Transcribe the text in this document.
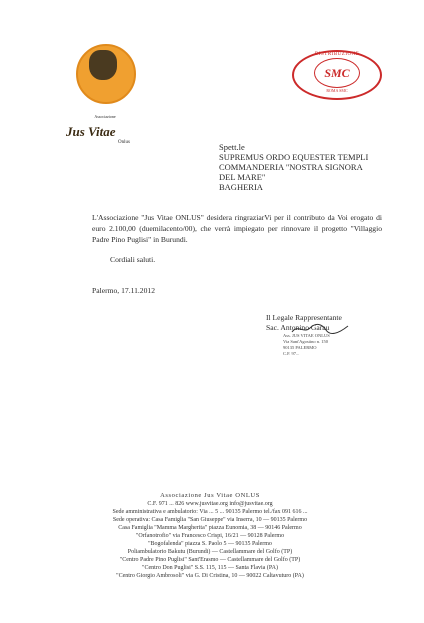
Associazione
Jus Vitae
Onlus
DISTRIBUZIONE
SMC
ROMA SMC
Spett.le
SUPREMUS ORDO EQUESTER TEMPLI
COMMANDERIA "NOSTRA SIGNORA
DEL MARE"
BAGHERIA

L'Associazione "Jus Vitae ONLUS" desidera ringraziarVi per il contributo da Voi erogato di euro 2.100,00 (duemilacento/00), che verrà impiegato per rinnovare il progetto "Villaggio Padre Pino Puglisi" in Burundi.

Cordiali saluti.
Palermo, 17.11.2012
Il Legale Rappresentante
Sac. Antonino Garau
Ass. JUS VITAE ONLUS
Via Sant'Agostino n. 150
90135 PALERMO
C.F. 97...
Associazione Jus Vitae ONLUS
C.F. 971 ... 826 www.jusvitae.org info@jusvitae.org
Sede amministrativa e ambulatorio: Via ... 5 ... 90135 Palermo tel./fax 091 616 ...
Sede operativa: Casa Famiglia "San Giuseppe" via Inserra, 10 — 90135 Palermo
Casa Famiglia "Mamma Margherita" piazza Eunomia, 38 — 90146 Palermo
"Orfanotrofio" via Francesco Crispi, 16/21 — 90128 Palermo
"Bogofalenda" piazza S. Paolo 5 — 90135 Palermo
Poliambulatorio Bakutu (Burundi) — Castellammare del Golfo (TP)
"Centro Padre Pino Puglisi" Sant'Erasmo — Castellammare del Golfo (TP)
"Centro Don Puglisi" S.S. 115, 115 — Santa Flavia (PA)
"Centro Giorgio Ambrosoli" via G. Di Cristina, 10 — 90022 Caltavuturo (PA)
